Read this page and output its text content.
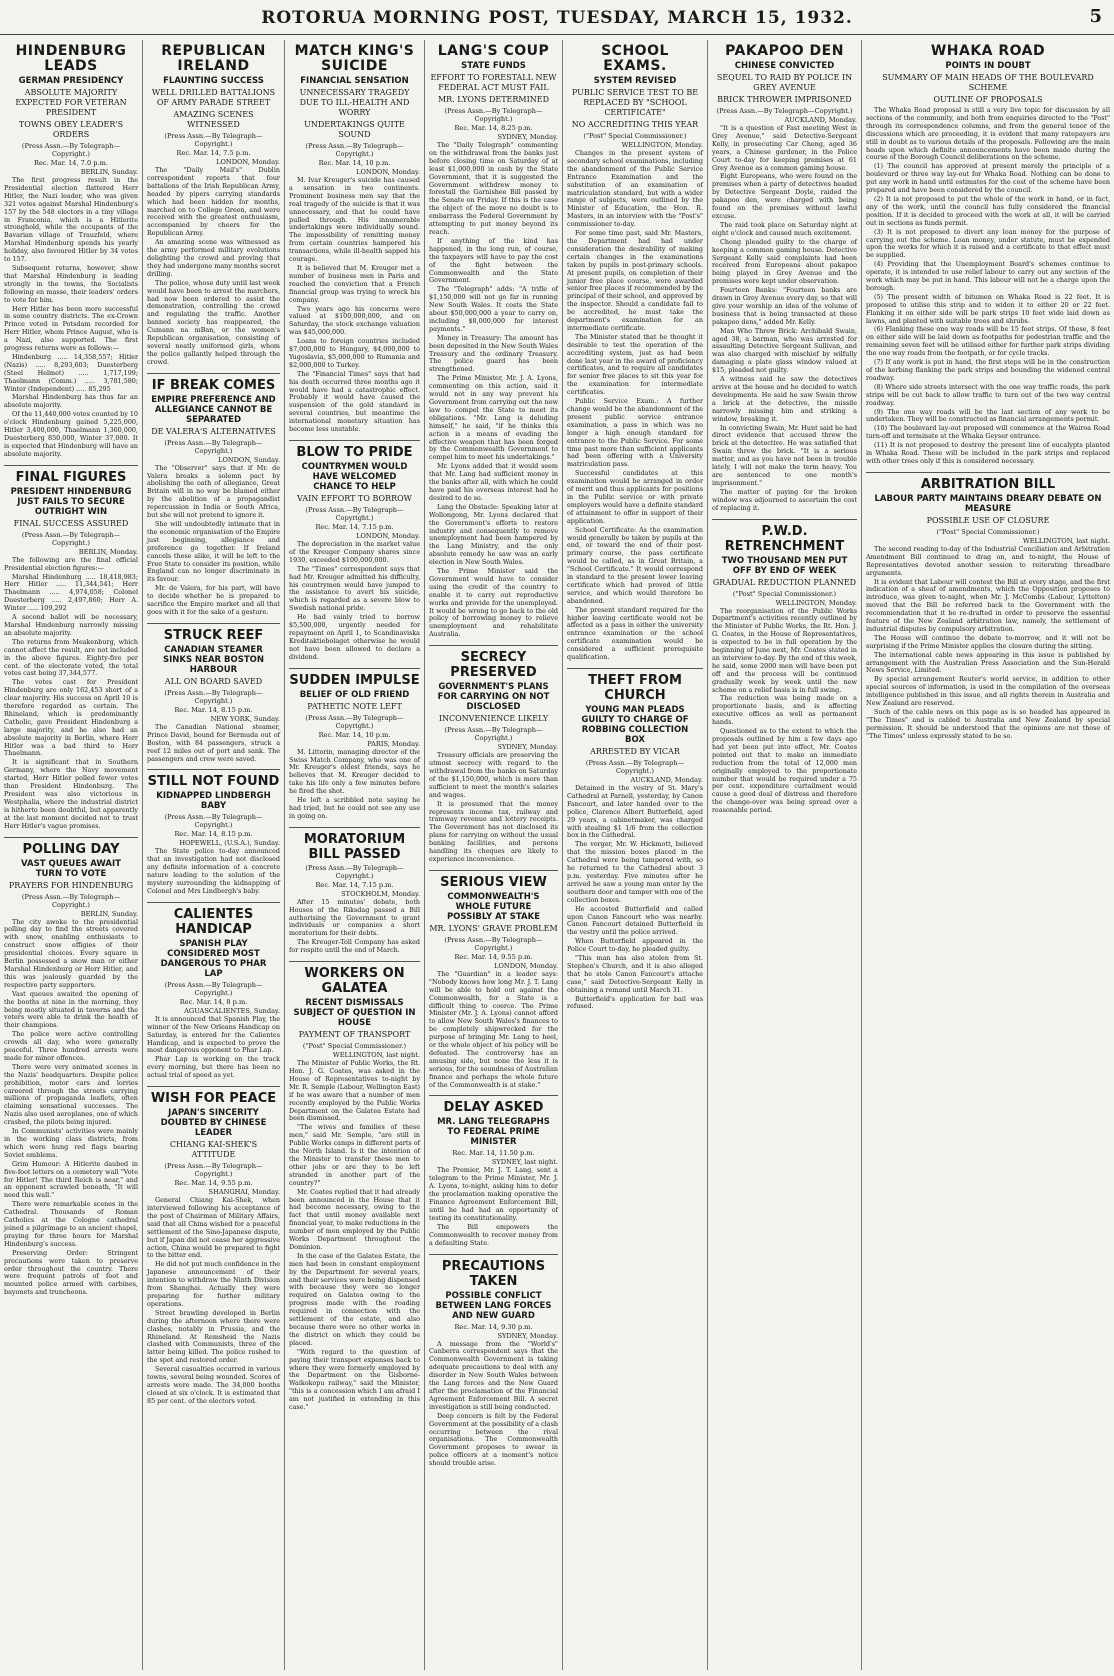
ROTORUA MORNING POST, TUESDAY, MARCH 15, 1932.	5
HINDENBURG LEADS
GERMAN PRESIDENCY
ABSOLUTE MAJORITY EXPECTED FOR VETERAN PRESIDENT
TOWNS OBEY LEADER'S ORDERS
(Press Assn.—By Telegraph—Copyright.)
Rec. Mar. 14, 7.0 p.m.
BERLIN, Sunday.

The first progress result in the Presidential election flattered Herr Hitler, the Nazi leader, who was given 321 votes against Marshal Hindenburg's 157 by the 548 electors in a tiny village in Franconia, which is a Hitlerite stronghold, while the occupants of the Bavarian village of Trauzfeld, where Marshal Hindenburg spends his yearly holiday, also favoured Hitler by 34 votes to 157.

Subsequent returns, however, show that Marshal Hindenburg is leading strongly in the towns, the Socialists following en masse, their leaders' orders to vote for him.

Herr Hitler has been more successful in some country districts. The ex-Crown Prince voted in Potsdam recorded for Herr Hitler, whom Prince August, who is a Nazi, also supported. The first progress returns were as follows:—

Hindenburg ..... 14,358,557; Hitler (Nazis) ..... 8,293,603; Duesterberg (Steel Helmet) ..... 1,717,199; Thaelmann (Comm.) ..... 3,781,580; Winter (Independent) ..... 85,295

Marshal Hindenburg has thus far an absolute majority.

Of the 11,440,000 votes counted by 10 o'clock Hindenburg gained 5,225,000, Hitler 3,400,000, Thaelmann 1,360,000, Duesterberg 850,000, Winter 37,000. It is expected that Hindenburg will have an absolute majority.

FINAL FIGURES
PRESIDENT HINDENBURG JUST FAILS TO SECURE OUTRIGHT WIN
FINAL SUCCESS ASSURED
(Press Assn.—By Telegraph—Copyright.)
BERLIN, Monday.

The following are the final official Presidential election figures:—

Marshal Hindenburg ..... 18,418,983; Herr Hitler ..... 11,344,541; Herr Thaelmann ..... 4,974,058; Colonel Duesterberg ..... 2,497,860; Herr A. Winter ..... 109,292

A second ballot will be necessary, Marshal Hindenburg narrowly missing an absolute majority.

The returns from Meakenburg, which cannot affect the result, are not included in the above figures. Eighty-five per cent. of the electorate voted, the total votes cast being 37,344,577.

The votes cast for President Hindenburg are only 162,453 short of a clear majority. His success on April 10 is therefore regarded as certain. The Rhineland, which is predominantly Catholic, gave President Hindenburg a large majority, and he also had an absolute majority in Berlin, where Herr Hitler was a bad third to Herr Thaelmann.

It is significant that in Southern Germany, where the Navy movement started, Herr Hitler polled fewer votes than President Hindenburg. The President was also victorious in Westphalia, where the industrial district is hitherto been doubtful, but apparently at the last moment decided not to trust Herr Hitler's vague promises.

POLLING DAY
VAST QUEUES AWAIT TURN TO VOTE
PRAYERS FOR HINDENBURG
(Press Assn.—By Telegraph—Copyright.)
BERLIN, Sunday.

The city awoke to the presidential polling day to find the streets covered with snow, enabling enthusiasts to construct snow effigies of their presidential choices. Every square in Berlin possessed a snow man or either Marshal Hindenburg or Herr Hitler, and this was jealously guarded by the respective party supporters.

Vast queues awaited the opening of the booths at nine in the morning, they being mostly situated in taverns and the voters were able to drink the health of their champions.

The police were active controlling crowds all day, who were generally peaceful. Three hundred arrests were made for minor offences.

There were very animated scenes in the Nazis' headquarters. Despite police prohibition, motor cars and lorries careered through the streets carrying millions of propaganda leaflets, often claiming sensational successes. The Nazis also used aeroplanes, one of which crashed, the pilots being injured.

In Communists' activities were mainly in the working class districts, from which were hung red flags bearing Soviet emblems.

Grim Humour: A Hitlerite daubed in five-foot letters on a cemetery wall "Vote for Hitler! The third Reich is near," and an opponent scrawled beneath, "It will need this wall."

There were remarkable scenes in the Cathedral. Thousands of Roman Catholics at the Cologne cathedral joined a pilgrimage to an ancient chapel, praying for three hours for Marshal Hindenburg's success.

Preserving Order: Stringent precautions were taken to preserve order throughout the country. There were frequent patrols of foot and mounted police armed with carbines, bayonets and truncheons.

REPUBLICAN IRELAND
FLAUNTING SUCCESS
WELL DRILLED BATTALIONS OF ARMY PARADE STREET
AMAZING SCENES WITNESSED
(Press Assn.—By Telegraph—Copyright.)
Rec. Mar. 14, 7.5 p.m.
LONDON, Monday.

The "Daily Mail's" Dublin correspondent reports that four battalions of the Irish Republican Army, headed by pipers carrying standards which had been hidden for months, marched on to College Green, and were received with the greatest enthusiasm, accompanied by cheers for the Republican Army.

An amazing scene was witnessed as the army performed military evolutions delighting the crowd and proving that they had undergone many months secret drilling.

The police, whose duty until last week would have been to arrest the marchers, had now been ordered to assist the demonstration, controlling the crowd and regulating the traffic. Another banned society has reappeared, the Cumann na mBan, or the women's Republican organisation, consisting of several neatly uniformed girls, whom the police gallantly helped through the crowd.

IF BREAK COMES
EMPIRE PREFERENCE AND ALLEGIANCE CANNOT BE SEPARATED
DE VALERA'S ALTERNATIVES
(Press Assn.—By Telegraph—Copyright.)
LONDON, Sunday.

The "Observer" says that if Mr. de Valera breaks a solemn pact by abolishing the oath of allegiance, Great Britain will in no way be blamed either by the abolition of a propagandist repercussion in India or South Africa, but she will not pretend to ignore it.

She will undoubtedly intimate that in the economic organisation of the Empire just beginning, allegiance and preference go together. If Ireland cancels these alike, it will be left to the Free State to consider its position, while England can no longer discriminate in its favour.

Mr. de Valera, for his part, will have to decide whether he is prepared to sacrifice the Empire market and all that goes with it for the sake of a gesture.

STRUCK REEF
CANADIAN STEAMER SINKS NEAR BOSTON HARBOUR
ALL ON BOARD SAVED
(Press Assn.—By Telegraph—Copyright.)
Rec. Mar. 14, 8.15 p.m.
NEW YORK, Sunday.

The Canadian National steamer, Prince David, bound for Bermuda out of Boston, with 84 passengers, struck a reef 12 miles out of port and sank. The passengers and crew were saved.

STILL NOT FOUND
KIDNAPPED LINDBERGH BABY
(Press Assn.—By Telegraph—Copyright.)
Rec. Mar. 14, 8.15 p.m.
HOPEWELL, (U.S.A.), Sunday.

The State police to-day announced that an investigation had not disclosed any definite information of a concrete nature leading to the solution of the mystery surrounding the kidnapping of Colonel and Mrs Lindbergh's baby.

CALIENTES HANDICAP
SPANISH PLAY CONSIDERED MOST DANGEROUS TO PHAR LAP
(Press Assn.—By Telegraph—Copyright.)
Rec. Mar. 14, 8 p.m.
AGUASCALIENTES, Sunday.

It is announced that Spanish Play, the winner of the New Orleans Handicap on Saturday, is entered for the Calientes Handicap, and is expected to prove the most dangerous opponent to Phar Lap.

Phar Lap is working on the track every morning, but there has been no actual trial of speed as yet.

WISH FOR PEACE
JAPAN'S SINCERITY DOUBTED BY CHINESE LEADER
CHIANG KAI-SHEK'S ATTITUDE
(Press Assn.—By Telegraph—Copyright.)
Rec. Mar. 14, 9.55 p.m.
SHANGHAI, Monday.

General Chiang Kai-Shek, when interviewed following his acceptance of the post of Chairman of Military Affairs, said that all China wished for a peaceful settlement of the Sino-Japanese dispute, but if Japan did not cease her aggressive action, China would be prepared to fight to the bitter end.

He did not put much confidence in the Japanese announcement of their intention to withdraw the Ninth Division from Shanghai. Actually they were preparing for further military operations.

Street brawling developed in Berlin during the afternoon where there were clashes, notably in Prussia, and the Rhineland. At Remsheid the Nazis clashed with Communists, three of the latter being killed. The police rushed to the spot and restored order.

Several casualties occurred in various towns, several being wounded. Scores of arrests were made. The 34,000 booths closed at six o'clock. It is estimated that 85 per cent. of the electors voted.

MATCH KING'S SUICIDE
FINANCIAL SENSATION
UNNECESSARY TRAGEDY DUE TO ILL-HEALTH AND WORRY
UNDERTAKINGS QUITE SOUND
(Press Assn.—By Telegraph—Copyright.)
Rec. Mar. 14, 10 p.m.
LONDON, Monday.

M. Ivar Kreuger's suicide has caused a sensation in two continents. Prominent business men say that the real tragedy of the suicide is that it was unnecessary, and that he could have pulled through. His innumerable undertakings were individually sound. The impossibility of remitting money from certain countries hampered his transactions, while ill-health sapped his courage.

It is believed that M. Kreuger met a number of business men in Paris and reached the conviction that a French financial group was trying to wreck his company.

Two years ago his concerns were valued at $100,000,000, and on Saturday, the stock exchange valuation was $45,000,000.

Loans to foreign countries included $7,000,000 to Hungary, $4,000,000 to Yugoslavia, $5,000,000 to Rumania and $2,000,000 to Turkey.

The "Financial Times" says that had his death occurred three months ago it would have had a catastrophic effect. Probably it would have caused the suspension of the gold standard in several countries, but meantime the international monetary situation has become less unstable.

BLOW TO PRIDE
COUNTRYMEN WOULD HAVE WELCOMED CHANCE TO HELP
VAIN EFFORT TO BORROW
(Press Assn.—By Telegraph—Copyright.)
Rec. Mar. 14, 7.15 p.m.
LONDON, Monday.

The depreciation in the market value of the Kreuger Company shares since 1930, exceeded $100,000,000.

The "Times" correspondent says that had Mr. Kreuger admitted his difficulty, his countrymen would have jumped to the assistance to avert his suicide, which is regarded as a severe blow to Swedish national pride.

He had vainly tried to borrow $5,500,000, urgently needed for repayment on April 1, to Scandinaviska Kreditaktiebolaget otherwise he would not have been allowed to declare a dividend.

SUDDEN IMPULSE
BELIEF OF OLD FRIEND
PATHETIC NOTE LEFT
(Press Assn.—By Telegraph—Copyright.)
Rec. Mar. 14, 10 p.m.
PARIS, Monday.

M. Littorin, managing director of the Swiss Match Company, who was one of Mr. Kreuger's oldest friends, says he believes that M. Kreuger decided to take his life only a few minutes before he fired the shot.

He left a scribbled note saying he had tried, but he could not see any use in going on.

MORATORIUM BILL PASSED
(Press Assn.—By Telegraph—Copyright.)
Rec. Mar. 14, 7.15 p.m.
STOCKHOLM, Monday.

After 15 minutes' debate, both Houses of the Riksdag passed a Bill authorising the Government to grant individuals or companies a short moratorium for their debts.

The Kreuger-Toll Company has asked for respite until the end of March.

WORKERS ON GALATEA
RECENT DISMISSALS SUBJECT OF QUESTION IN HOUSE
PAYMENT OF TRANSPORT
("Post" Special Commissioner.)
WELLINGTON, last night.

The Minister of Public Works, the Rt. Hon. J. G. Coates, was asked in the House of Representatives to-night by Mr. R. Semple (Labour, Wellington East) if he was aware that a number of men recently employed by the Public Works Department on the Galatea Estate had been dismissed.

"The wives and families of these men," said Mr. Semple, "are still in Public Works camps in different parts of the North Island. Is it the intention of the Minister to transfer these men to other jobs or are they to be left stranded in another part of the country?"

Mr. Coates replied that it had already been announced in the House that it had become necessary, owing to the fact that until money available next financial year, to make reductions in the number of men employed by the Public Works Department throughout the Dominion.

In the case of the Galatea Estate, the men had been in constant employment by the Department for several years, and their services were being dispensed with because they were no longer required on Galatea owing to the progress made with the roading required in connection with the settlement of the estate, and also because there were no other works in the district on which they could be placed.

"With regard to the question of paying their transport expenses back to where they were formerly employed by the Department on the Gisborne-Waikokopu railway," said the Minister, "this is a concession which I am afraid I am not justified in extending in this case."

LANG'S COUP
STATE FUNDS
EFFORT TO FORESTALL NEW FEDERAL ACT MUST FAIL
MR. LYONS DETERMINED
(Press Assn.—By Telegraph—Copyright.)
Rec. Mar. 14, 8.25 p.m.
SYDNEY, Monday.

The "Daily Telegraph" commenting on the withdrawal from the banks just before closing time on Saturday of at least $1,000,000 in cash by the State Government, that it is suggested the Government withdrew money to forestall the Garnishee Bill passed by the Senate on Friday. If this is the case the object of the move no doubt is to embarrass the Federal Government by attempting to put money beyond its reach.

If anything of the kind has happened, in the long run, of course, the taxpayers will have to pay the cost of the fight between the Commonwealth and the State Government.

The "Telegraph" adds: "A trifle of $1,150,000 will not go far in running New South Wales. It costs the State about $50,000,000 a year to carry on, including $8,000,000 for interest payments."

Money in Treasury: The amount has been deposited in the New South Wales Treasury and the ordinary Treasury. The police guard has been strengthened.

The Prime Minister, Mr. J. A. Lyons, commenting on this action, said it would not in any way prevent his Government from carrying out the new law to compel the State to meet its obligations. "Mr. Lang is deluding himself," he said, "if he thinks this action is a means of evading the effective weapon that has been forged by the Commonwealth Government to compel him to meet his undertakings."

Mr. Lyons added that it would seem that Mr. Lang had sufficient money in the banks after all, with which he could have paid his overseas interest had he desired to do so.

Lang the Obstacle: Speaking later at Wollongong, Mr. Lyons declared that the Government's efforts to restore industry and consequently to remove unemployment had been hampered by the Lang Ministry, and the only absolute remedy he saw was an early election in New South Wales.

The Prime Minister said the Government would have to consider using the credit of the country to enable it to carry out reproductive works and provide for the unemployed. It would be wrong to go back to the old policy of borrowing money to relieve unemployment and rehabilitate Australia.

SECRECY PRESERVED
GOVERNMENT'S PLANS FOR CARRYING ON NOT DISCLOSED
INCONVENIENCE LIKELY
(Press Assn.—By Telegraph—Copyright.)
SYDNEY, Monday.

Treasury officials are preserving the utmost secrecy with regard to the withdrawal from the banks on Saturday of the $1,150,000, which is more than sufficient to meet the month's salaries and wages.

It is presumed that the money represents income tax, railway and tramway revenue and lottery receipts. The Government has not disclosed its plans for carrying on without the usual banking facilities, and persons handling its cheques are likely to experience inconvenience.

SERIOUS VIEW
COMMONWEALTH'S WHOLE FUTURE POSSIBLY AT STAKE
MR. LYONS' GRAVE PROBLEM
(Press Assn.—By Telegraph—Copyright.)
Rec. Mar. 14, 9.55 p.m.
LONDON, Monday.

The "Guardian" in a leader says: "Nobody knows how long Mr. J. T. Lang will be able to hold out against the Commonwealth, for a State is a difficult thing to coerce. The Prime Minister (Mr. J. A. Lyons) cannot afford to allow New South Wales's finances to be completely shipwrecked for the purpose of bringing Mr. Lang to heel, or the whole object of his policy will be defeated. The controversy has an amusing side, but none the less it is serious, for the soundness of Australian finance and perhaps the whole future of the Commonwealth is at stake."

DELAY ASKED
MR. LANG TELEGRAPHS TO FEDERAL PRIME MINISTER
Rec. Mar. 14, 11.50 p.m.
SYDNEY, last night.

The Premier, Mr. J. T. Lang, sent a telegram to the Prime Minister, Mr. J. A. Lyons, to-night, asking him to defer the proclamation making operative the Finance Agreement Enforcement Bill, until he had had an opportunity of testing its constitutionality.

The Bill empowers the Commonwealth to recover money from a defaulting State.

PRECAUTIONS TAKEN
POSSIBLE CONFLICT BETWEEN LANG FORCES AND NEW GUARD
Rec. Mar. 14, 9.30 p.m.
SYDNEY, Monday.

A message from the "World's" Canberra correspondent says that the Commonwealth Government is taking adequate precautions to deal with any disorder in New South Wales between the Lang forces and the New Guard after the proclamation of the Financial Agreement Enforcement Bill. A secret investigation is still being conducted.

Deep concern is felt by the Federal Government at the possibility of a clash occurring between the rival organisations. The Commonwealth Government proposes to swear in police officers at a moment's notice should trouble arise.

SCHOOL EXAMS.
SYSTEM REVISED
PUBLIC SERVICE TEST TO BE REPLACED BY "SCHOOL CERTIFICATE"
NO ACCREDITING THIS YEAR
("Post" Special Commissioner.)
WELLINGTON, Monday.

Changes in the present system of secondary school examinations, including the abandonment of the Public Service Entrance Examination and the substitution of an examination of matriculation standard, but with a wider range of subjects, were outlined by the Minister of Education, the Hon. R. Masters, in an interview with the "Post's" commissioner to-day.

For some time past, said Mr. Masters, the Department had had under consideration the desirability of making certain changes in the examinations taken by pupils in post-primary schools. At present pupils, on completion of their junior free place course, were awarded senior free places if recommended by the principal of their school, and approved by the inspector. Should a candidate fail to be accredited, he must take the department's examination for an intermediate certificate.

The Minister stated that he thought it desirable to test the operation of the accrediting system, just as had been done last year in the award of proficiency certificates, and to require all candidates for senior free places to sit this year for the examination for intermediate certificates.

Public Service Exam.: A further change would be the abandonment of the present public service entrance examination, a pass in which was no longer a high enough standard for entrance to the Public Service. For some time past more than sufficient applicants had been offering with a University matriculation pass.

Successful candidates at this examination would be arranged in order of merit and thus applicants for positions in the Public service or with private employers would have a definite standard of attainment to offer in support of their application.

School Certificate: As the examination would generally be taken by pupils at the end, or toward the end of their post-primary course, the pass certificate would be called, as in Great Britain, a "School Certificate." It would correspond in standard to the present lower leaving certificate which had proved of little service, and which would therefore be abandoned.

The present standard required for the higher leaving certificate would not be affected as a pass in either the university entrance examination or the school certificate examination would be considered a sufficient prerequisite qualification.

THEFT FROM CHURCH
YOUNG MAN PLEADS GUILTY TO CHARGE OF ROBBING COLLECTION BOX
ARRESTED BY VICAR
(Press Assn.—By Telegraph—Copyright.)
AUCKLAND, Monday.

Detained in the vestry of St. Mary's Cathedral at Parnell, yesterday, by Canon Fancourt, and later handed over to the police, Clarence Albert Butterfield, aged 29 years, a cabinetmaker, was charged with stealing $1 1/6 from the collection box in the Cathedral.

The verger, Mr. W. Hickmott, believed that the mission boxes placed in the Cathedral were being tampered with, so he returned to the Cathedral about 3 p.m. yesterday. Five minutes after he arrived he saw a young man enter by the southern door and tamper with one of the collection boxes.

He accosted Butterfield and called upon Canon Fancourt who was nearby. Canon Fancourt detained Butterfield in the vestry until the police arrived.

When Butterfield appeared in the Police Court to-day, he pleaded guilty.

"This man has also stolen from St. Stephen's Church, and it is also alleged that he stole Canon Fancourt's attache case," said Detective-Sergeant Kelly in obtaining a remand until March 31.

Butterfield's application for bail was refused.

PAKAPOO DEN
CHINESE CONVICTED
SEQUEL TO RAID BY POLICE IN GREY AVENUE
BRICK THROWER IMPRISONED
(Press Assn.—By Telegraph—Copyright.)
AUCKLAND, Monday.

"It is a question of Fast meeting West in Grey Avenue," said Detective-Sergeant Kelly, in prosecuting Car Cheng, aged 36 years, a Chinese gardener, in the Police Court to-day for keeping premises at 61 Grey Avenue as a common gaming house.

Eight Europeans, who were found on the premises when a party of detectives headed by Detective Sergeant Doyle, raided the pakapoo den, were charged with being found on the premises without lawful excuse.

The raid took place on Saturday night at eight o'clock and caused much excitement.

Chong pleaded guilty to the charge of keeping a common gaming house. Detective Sergeant Kelly said complaints had been received from Europeans about pakapoo being played in Grey Avenue and the premises were kept under observation.

Fourteen Banks: "Fourteen banks are drawn in Grey Avenue every day, so that will give your worship an idea of the volume of business that is being transacted at these pakapoo dens," added Mr. Kelly.

Man Who Threw Brick: Archibald Swain, aged 38, a barman, who was arrested for assaulting Detective Sergeant Sullivan, and was also charged with mischief by wilfully damaging a plate glass window valued at $15, pleaded not guilty.

A witness said he saw the detectives arrive at the house and he decided to watch developments. He said he saw Swain throw a brick at the detective, the missile narrowly missing him and striking a window, breaking it.

In convicting Swain, Mr. Hunt said he had direct evidence that accused threw the brick at the detective. He was satisfied that Swain threw the brick. "It is a serious matter, and as you have not been in trouble lately, I will not make the term heavy. You are sentenced to one month's imprisonment."

The matter of paying for the broken window was adjourned to ascertain the cost of replacing it.

P.W.D. RETRENCHMENT
TWO THOUSAND MEN PUT OFF BY END OF WEEK
GRADUAL REDUCTION PLANNED
("Post" Special Commissioner.)
WELLINGTON, Monday.

The reorganisation of the Public Works Department's activities recently outlined by the Minister of Public Works, the Rt. Hon. J. G. Coates, in the House of Representatives, is expected to be in full operation by the beginning of June next, Mr. Coates stated in an interview to-day. By the end of this week, he said, some 2000 men will have been put off and the process will be continued gradually week by week until the new scheme on a relief basis is in full swing.

The reduction was being made on a proportionate basis, and is affecting executive offices as well as permanent hands.

Questioned as to the extent to which the proposals outlined by him a few days ago had yet been put into effect, Mr. Coates pointed out that to make an immediate reduction from the total of 12,000 men originally employed to the proportionate number that would be required under a 75 per cent. expenditure curtailment would cause a good deal of distress and therefore the change-over was being spread over a reasonable period.

WHAKA ROAD
POINTS IN DOUBT
SUMMARY OF MAIN HEADS OF THE BOULEVARD SCHEME
OUTLINE OF PROPOSALS

The Whaka Road proposal is still a very live topic for discussion by all sections of the community, and both from enquiries directed to the "Post" through its correspondence columns, and from the general tenor of the discussions which are proceeding, it is evident that many ratepayers are still in doubt as to various details of the proposals. Following are the main heads upon which definite announcements have been made during the course of the Borough Council deliberations on the scheme.

(1) The council has approved at present merely the principle of a boulevard or three way lay-out for Whaka Road. Nothing can be done to put any work in hand until estimates for the cost of the scheme have been prepared and have been considered by the council.

(2) It is not proposed to put the whole of the work in hand, or in fact, any of the work, until the council has fully considered the financial position. If it is decided to proceed with the work at all, it will be carried out in sections as funds permit.

(3) It is not proposed to divert any loan money for the purpose of carrying out the scheme. Loan money, under statute, must be expended upon the works for which it is raised and a certificate to that effect must be supplied.

(4) Providing that the Unemployment Board's schemes continue to operate, it is intended to use relief labour to carry out any section of the work which may be put in hand. This labour will not be a charge upon the borough.

(5) The present width of bitumen on Whaka Road is 22 feet. It is proposed to utilise this strip and to widen it to either 20 or 22 feet. Flanking it on either side will be park strips 10 feet wide laid down as lawns, and planted with suitable trees and shrubs.

(6) Flanking these one way roads will be 15 feet strips. Of these, 8 feet on either side will be laid down as footpaths for pedestrian traffic and the remaining seven feet will be utilised either for further park strips dividing the one way roads from the footpath, or for cycle tracks.

(7) If any work is put in hand, the first steps will be in the construction of the kerbing flanking the park strips and bounding the widened central roadway.

(8) Where side streets intersect with the one way traffic roads, the park strips will be cut back to allow traffic to turn out of the two way central roadway.

(9) The one way roads will be the last section of any work to be undertaken. They will be constructed as financial arrangements permit.

(10) The boulevard lay-out proposed will commence at the Wairoa Road turn-off and terminate at the Whaka Geyser entrance.

(11) It is not proposed to destroy the present line of eucalypts planted in Whaka Road. These will be included in the park strips and replaced with other trees only if this is considered necessary.

ARBITRATION BILL
LABOUR PARTY MAINTAINS DREARY DEBATE ON MEASURE
POSSIBLE USE OF CLOSURE
("Post" Special Commissioner.)
WELLINGTON, last night.

The second reading to-day of the Industrial Conciliation and Arbitration Amendment Bill continued to drag on, and to-night, the House of Representatives devoted another session to reiterating threadbare arguments.

It is evident that Labour will contest the Bill at every stage, and the first indication of a sheaf of amendments, which the Opposition proposes to introduce, was given to-night, when Mr. J. McCombs (Labour, Lyttelton) moved that the Bill be referred back to the Government with the recommendation that it be re-drafted in order to preserve the essential feature of the New Zealand arbitration law, namely, the settlement of industrial disputes by compulsory arbitration.

The House will continue the debate to-morrow, and it will not be surprising if the Prime Minister applies the closure during the sitting.

The international cable news appearing in this issue is published by arrangement with the Australian Press Association and the Sun-Herald News Service, Limited.

By special arrangement Reuter's world service, in addition to other special sources of information, is used in the compilation of the overseas intelligence published in this issue, and all rights therein in Australia and New Zealand are reserved.

Such of the cable news on this page as is so headed has appeared in "The Times" and is cabled to Australia and New Zealand by special permission. It should be understood that the opinions are not those of "The Times" unless expressly stated to be so.
